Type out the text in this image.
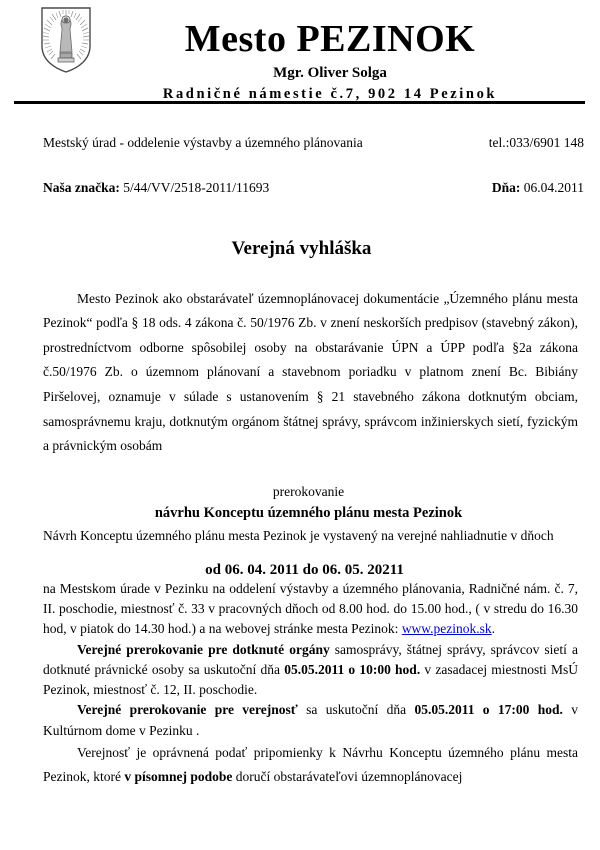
Mesto PEZINOK
Mgr. Oliver Solga
Radničné námestie č.7, 902 14 Pezinok
Mestský úrad - oddelenie výstavby a územného plánovania	tel.:033/6901 148
Naša značka: 5/44/VV/2518-2011/11693	Dňa: 06.04.2011
Verejná vyhláška

Mesto Pezinok ako obstarávateľ územnoplánovacej dokumentácie „Územného plánu mesta Pezinok“ podľa § 18 ods. 4 zákona č. 50/1976 Zb. v znení neskorších predpisov (stavebný zákon), prostredníctvom odborne spôsobilej osoby na obstarávanie ÚPN a ÚPP podľa §2a zákona č.50/1976 Zb. o územnom plánovaní a stavebnom poriadku v platnom znení Bc. Bibiány Piršelovej, oznamuje v súlade s ustanovením § 21 stavebného zákona dotknutým obciam, samosprávnemu kraju, dotknutým orgánom štátnej správy, správcom inžinierskych sietí, fyzickým a právnickým osobám

prerokovanie
návrhu Konceptu územného plánu mesta Pezinok

Návrh Konceptu územného plánu mesta Pezinok je vystavený na verejné nahliadnutie v dňoch

od 06. 04. 2011 do 06. 05. 20211

na Mestskom úrade v Pezinku na oddelení výstavby a územného plánovania, Radničné nám. č. 7, II. poschodie, miestnosť č. 33 v pracovných dňoch od 8.00 hod. do 15.00 hod., ( v stredu do 16.30 hod, v piatok do 14.30 hod.) a na webovej stránke mesta Pezinok: www.pezinok.sk.

Verejné prerokovanie pre dotknuté orgány samosprávy, štátnej správy, správcov sietí a dotknuté právnické osoby sa uskutoční dňa 05.05.2011 o 10:00 hod. v zasadacej miestnosti MsÚ Pezinok, miestnosť č. 12, II. poschodie.

Verejné prerokovanie pre verejnosť sa uskutoční dňa 05.05.2011 o 17:00 hod. v Kultúrnom dome v Pezinku .

Verejnosť je oprávnená podať pripomienky k Návrhu Konceptu územného plánu mesta Pezinok, ktoré v písomnej podobe doručí obstarávateľovi územnoplánovacej
